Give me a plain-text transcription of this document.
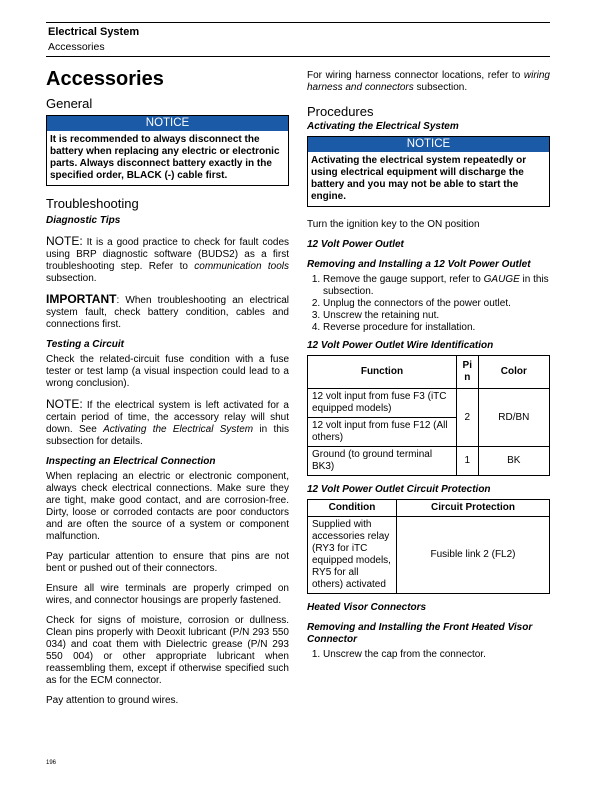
Electrical System
Accessories
Accessories
General
NOTICE
It is recommended to always disconnect the battery when replacing any electric or electronic parts. Always disconnect battery exactly in the specified order, BLACK (-) cable first.
Troubleshooting
Diagnostic Tips

NOTE: It is a good practice to check for fault codes using BRP diagnostic software (BUDS2) as a first troubleshooting step. Refer to communication tools subsection.

IMPORTANT: When troubleshooting an electrical system fault, check battery condition, cables and connections first.

Testing a Circuit

Check the related-circuit fuse condition with a fuse tester or test lamp (a visual inspection could lead to a wrong conclusion).

NOTE: If the electrical system is left activated for a certain period of time, the accessory relay will shut down. See Activating the Electrical System in this subsection for details.

Inspecting an Electrical Connection

When replacing an electric or electronic component, always check electrical connections. Make sure they are tight, make good contact, and are corrosion-free. Dirty, loose or corroded contacts are poor conductors and are often the source of a system or component malfunction.

Pay particular attention to ensure that pins are not bent or pushed out of their connectors.

Ensure all wire terminals are properly crimped on wires, and connector housings are properly fastened.

Check for signs of moisture, corrosion or dullness. Clean pins properly with Deoxit lubricant (P/N 293 550 034) and coat them with Dielectric grease (P/N 293 550 004) or other appropriate lubricant when reassembling them, except if otherwise specified such as for the ECM connector.

Pay attention to ground wires.

For wiring harness connector locations, refer to wiring harness and connectors subsection.

Procedures
Activating the Electrical System
NOTICE
Activating the electrical system repeatedly or using electrical equipment will discharge the battery and you may not be able to start the engine.

Turn the ignition key to the ON position

12 Volt Power Outlet
Removing and Installing a 12 Volt Power Outlet
1. Remove the gauge support, refer to GAUGE in this subsection.
2. Unplug the connectors of the power outlet.
3. Unscrew the retaining nut.
4. Reverse procedure for installation.
12 Volt Power Outlet Wire Identification
Function	Pin	Color
12 volt input from fuse F3 (iTC equipped models)	2	RD/BN
12 volt input from fuse F12 (All others)		
Ground (to ground terminal BK3)	1	BK
12 Volt Power Outlet Circuit Protection
Condition	Circuit Protection
Supplied with accessories relay (RY3 for iTC equipped models, RY5 for all others) activated	Fusible link 2 (FL2)
Heated Visor Connectors
Removing and Installing the Front Heated Visor Connector
1. Unscrew the cap from the connector.
196
